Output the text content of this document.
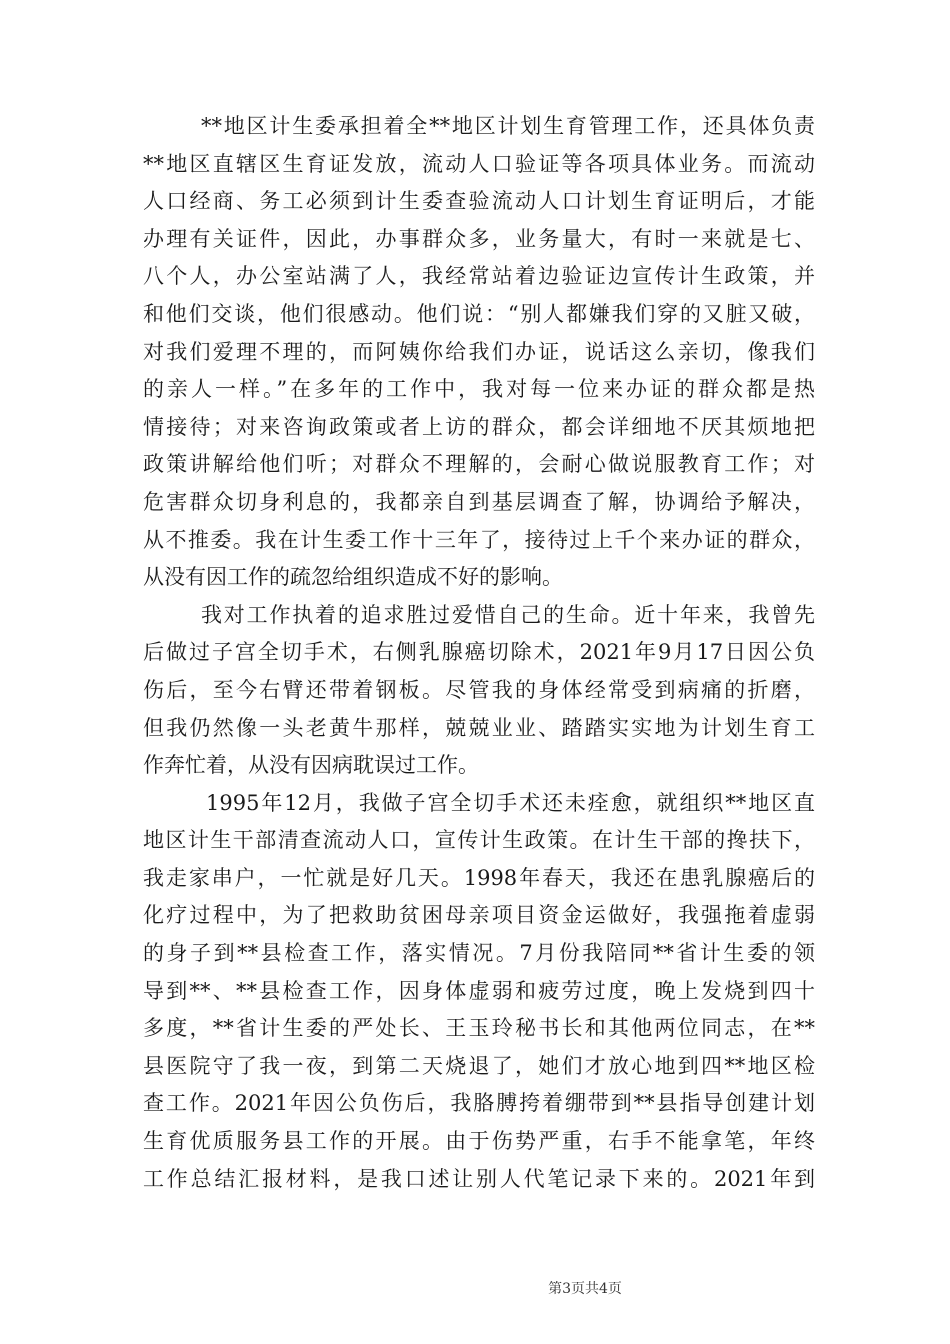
**地区计生委承担着全**地区计划生育管理工作，还具体负责
**地区直辖区生育证发放，流动人口验证等各项具体业务。而流动
人口经商、务工必须到计生委查验流动人口计划生育证明后，才能
办理有关证件，因此，办事群众多，业务量大，有时一来就是七、
八个人，办公室站满了人，我经常站着边验证边宣传计生政策，并
和他们交谈，他们很感动。他们说：“别人都嫌我们穿的又脏又破，
对我们爱理不理的，而阿姨你给我们办证，说话这么亲切，像我们
的亲人一样。”在多年的工作中，我对每一位来办证的群众都是热
情接待；对来咨询政策或者上访的群众，都会详细地不厌其烦地把
政策讲解给他们听；对群众不理解的，会耐心做说服教育工作；对
危害群众切身利息的，我都亲自到基层调查了解，协调给予解决，
从不推委。我在计生委工作十三年了，接待过上千个来办证的群众，
从没有因工作的疏忽给组织造成不好的影响。
我对工作执着的追求胜过爱惜自己的生命。近十年来，我曾先
后做过子宫全切手术，右侧乳腺癌切除术，2021年9月17日因公负
伤后，至今右臂还带着钢板。尽管我的身体经常受到病痛的折磨，
但我仍然像一头老黄牛那样，兢兢业业、踏踏实实地为计划生育工
作奔忙着，从没有因病耽误过工作。
1995年12月，我做子宫全切手术还未痊愈，就组织**地区直
地区计生干部清查流动人口，宣传计生政策。在计生干部的搀扶下，
我走家串户，一忙就是好几天。1998年春天，我还在患乳腺癌后的
化疗过程中，为了把救助贫困母亲项目资金运做好，我强拖着虚弱
的身子到**县检查工作，落实情况。7月份我陪同**省计生委的领
导到**、**县检查工作，因身体虚弱和疲劳过度，晚上发烧到四十
多度，**省计生委的严处长、王玉玲秘书长和其他两位同志，在**
县医院守了我一夜，到第二天烧退了，她们才放心地到四**地区检
查工作。2021年因公负伤后，我胳膊挎着绷带到**县指导创建计划
生育优质服务县工作的开展。由于伤势严重，右手不能拿笔，年终
工作总结汇报材料，是我口述让别人代笔记录下来的。2021年到
第3页共4页
